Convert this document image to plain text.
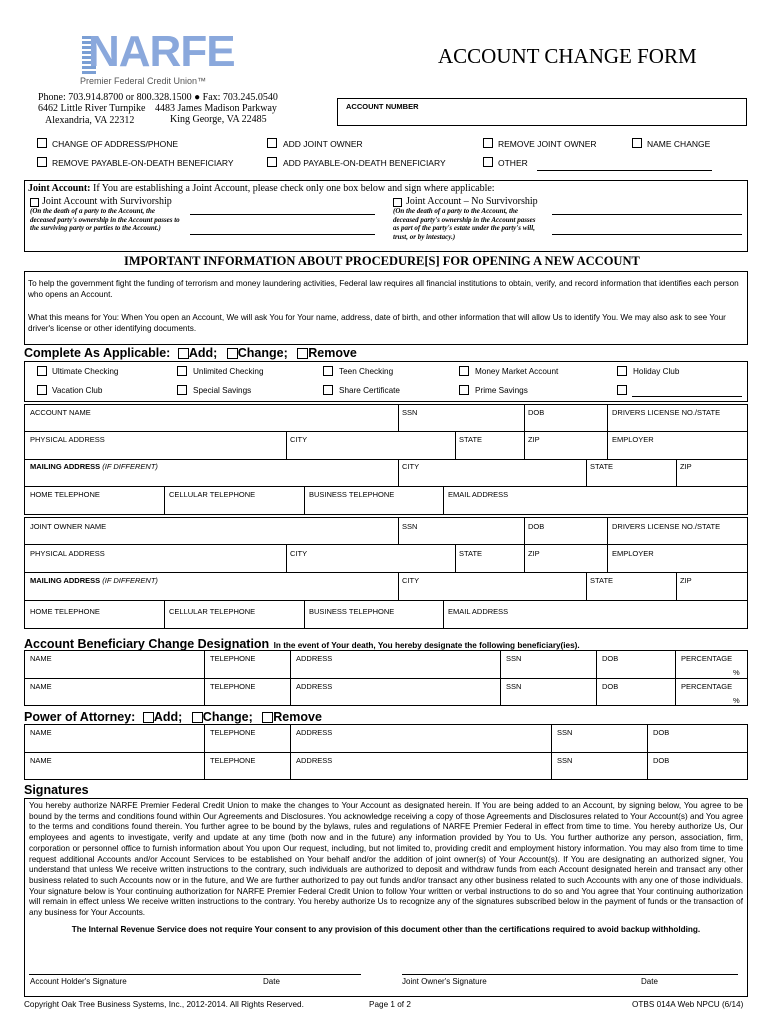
NARFE
Premier Federal Credit Union™
ACCOUNT CHANGE FORM
Phone: 703.914.8700 or 800.328.1500 ● Fax: 703.245.0540
6462 Little River Turnpike
Alexandria, VA 22312
4483 James Madison Parkway
King George, VA 22485
ACCOUNT NUMBER
CHANGE OF ADDRESS/PHONE	ADD JOINT OWNER	REMOVE JOINT OWNER	NAME CHANGE
REMOVE PAYABLE-ON-DEATH BENEFICIARY	ADD PAYABLE-ON-DEATH BENEFICIARY	OTHER
Joint Account: If You are establishing a Joint Account, please check only one box below and sign where applicable:
Joint Account with Survivorship
(On the death of a party to the Account, the deceased party's ownership in the Account passes to the surviving party or parties to the Account.)
Joint Account – No Survivorship
(On the death of a party to the Account, the deceased party's ownership in the Account passes as part of the party's estate under the party's will, trust, or by intestacy.)
IMPORTANT INFORMATION ABOUT PROCEDURE[S] FOR OPENING A NEW ACCOUNT
To help the government fight the funding of terrorism and money laundering activities, Federal law requires all financial institutions to obtain, verify, and record information that identifies each person who opens an Account.
What this means for You: When You open an Account, We will ask You for Your name, address, date of birth, and other information that will allow Us to identify You. We may also ask to see Your driver's license or other identifying documents.
Complete As Applicable: Add; Change; Remove
Ultimate Checking	Unlimited Checking	Teen Checking	Money Market Account	Holiday Club
Vacation Club	Special Savings	Share Certificate	Prime Savings
ACCOUNT NAME	SSN	DOB	DRIVERS LICENSE NO./STATE
PHYSICAL ADDRESS	CITY	STATE	ZIP	EMPLOYER
MAILING ADDRESS (IF DIFFERENT)	CITY	STATE	ZIP
HOME TELEPHONE	CELLULAR TELEPHONE	BUSINESS TELEPHONE	EMAIL ADDRESS
JOINT OWNER NAME	SSN	DOB	DRIVERS LICENSE NO./STATE
PHYSICAL ADDRESS	CITY	STATE	ZIP	EMPLOYER
MAILING ADDRESS (IF DIFFERENT)	CITY	STATE	ZIP
HOME TELEPHONE	CELLULAR TELEPHONE	BUSINESS TELEPHONE	EMAIL ADDRESS
Account Beneficiary Change Designation In the event of Your death, You hereby designate the following beneficiary(ies).
NAME	TELEPHONE	ADDRESS	SSN	DOB	PERCENTAGE
%
NAME	TELEPHONE	ADDRESS	SSN	DOB	PERCENTAGE
%
Power of Attorney: Add; Change; Remove
NAME	TELEPHONE	ADDRESS	SSN	DOB
NAME	TELEPHONE	ADDRESS	SSN	DOB
Signatures
You hereby authorize NARFE Premier Federal Credit Union to make the changes to Your Account as designated herein. If You are being added to an Account, by signing below, You agree to be bound by the terms and conditions found within Our Agreements and Disclosures. You acknowledge receiving a copy of those Agreements and Disclosures related to Your Account(s) and You agree to the terms and conditions found therein. You further agree to be bound by the bylaws, rules and regulations of NARFE Premier Federal in effect from time to time. You hereby authorize Us, Our employees and agents to investigate, verify and update at any time (both now and in the future) any information provided by You to Us. You further authorize any person, association, firm, corporation or personnel office to furnish information about You upon Our request, including, but not limited to, providing credit and employment history information. You may also from time to time request additional Accounts and/or Account Services to be established on Your behalf and/or the addition of joint owner(s) of Your Account(s). If You are designating an authorized signer, You understand that unless We receive written instructions to the contrary, such individuals are authorized to deposit and withdraw funds from each Account designated herein and transact any other business related to such Accounts now or in the future, and We are further authorized to pay out funds and/or transact any other business related to such Accounts with any one of those individuals. Your signature below is Your continuing authorization for NARFE Premier Federal Credit Union to follow Your written or verbal instructions to do so and You agree that Your continuing authorization will remain in effect unless We receive written instructions to the contrary. You hereby authorize Us to recognize any of the signatures subscribed below in the payment of funds or the transaction of any business for Your Accounts.
The Internal Revenue Service does not require Your consent to any provision of this document other than the certifications required to avoid backup withholding.
Account Holder's Signature	Date	Joint Owner's Signature	Date
Copyright Oak Tree Business Systems, Inc., 2012-2014. All Rights Reserved.	Page 1 of 2	OTBS 014A Web NPCU (6/14)
